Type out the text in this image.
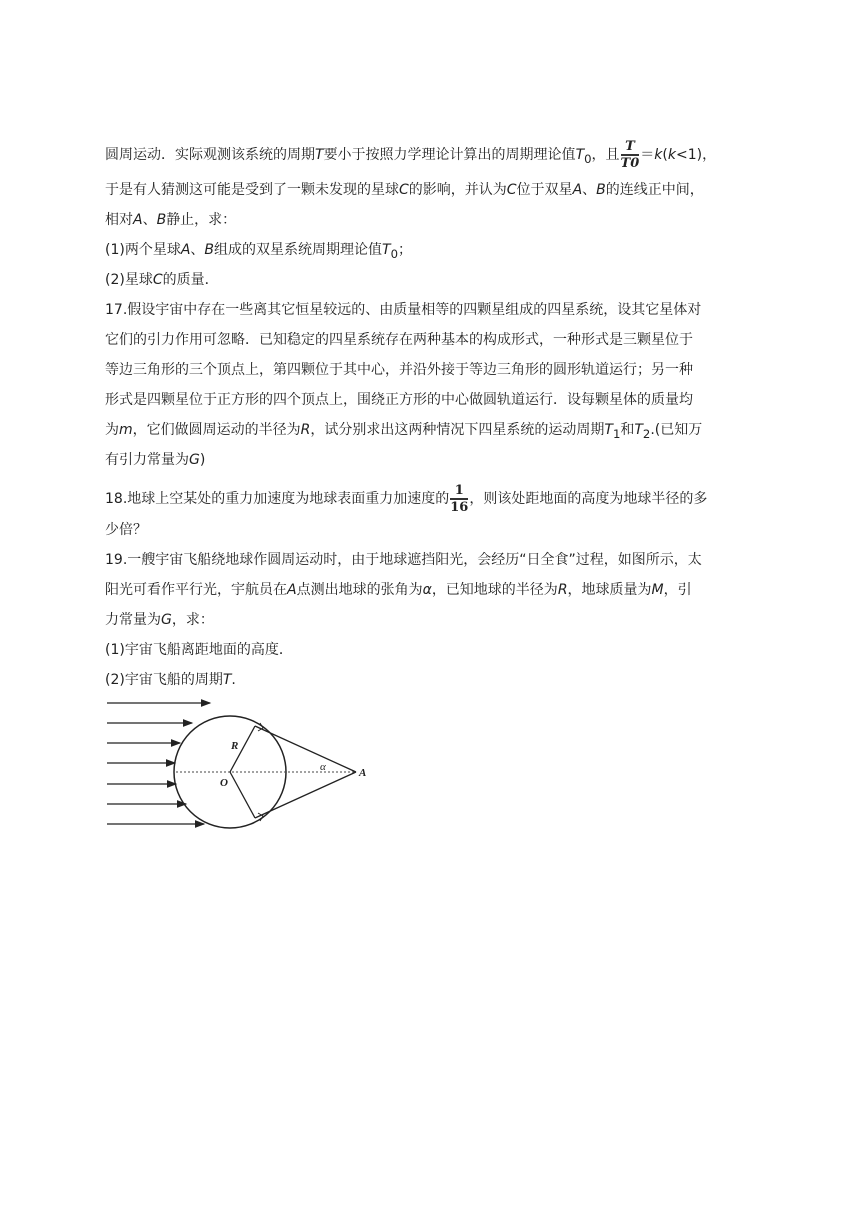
圆周运动．实际观测该系统的周期T要小于按照力学理论计算出的周期理论值$T_0$，且 $\frac{T}{T0} =k(k<1)$，
于是有人猜测这可能是受到了一颗未发现的星球C的影响，并认为C位于双星A、B的连线正中间，
相对A、B静止，求：
(1)两个星球A、B组成的双星系统周期理论值$T_0$；
(2)星球C的质量．
17.假设宇宙中存在一些离其它恒星较远的、由质量相等的四颗星组成的四星系统，设其它星体对
它们的引力作用可忽略．已知稳定的四星系统存在两种基本的构成形式，一种形式是三颗星位于
等边三角形的三个顶点上，第四颗位于其中心，并沿外接于等边三角形的圆形轨道运行；另一种
形式是四颗星位于正方形的四个顶点上，围绕正方形的中心做圆轨道运行．设每颗星体的质量均
为m，它们做圆周运动的半径为R，试分别求出这两种情况下四星系统的运动周期$T_1$和$T_2$.(已知万
有引力常量为G)
18.地球上空某处的重力加速度为地球表面重力加速度的 $\frac{1}{16}$ ，则该处距地面的高度为地球半径的多
少倍？
19.一艘宇宙飞船绕地球作圆周运动时，由于地球遮挡阳光，会经历“日全食”过程，如图所示，太
阳光可看作平行光，宇航员在A点测出地球的张角为α，已知地球的半径为R，地球质量为M，引
力常量为G，求：
(1)宇宙飞船离距地面的高度．
(2)宇宙飞船的周期T.
R
O
α	A
